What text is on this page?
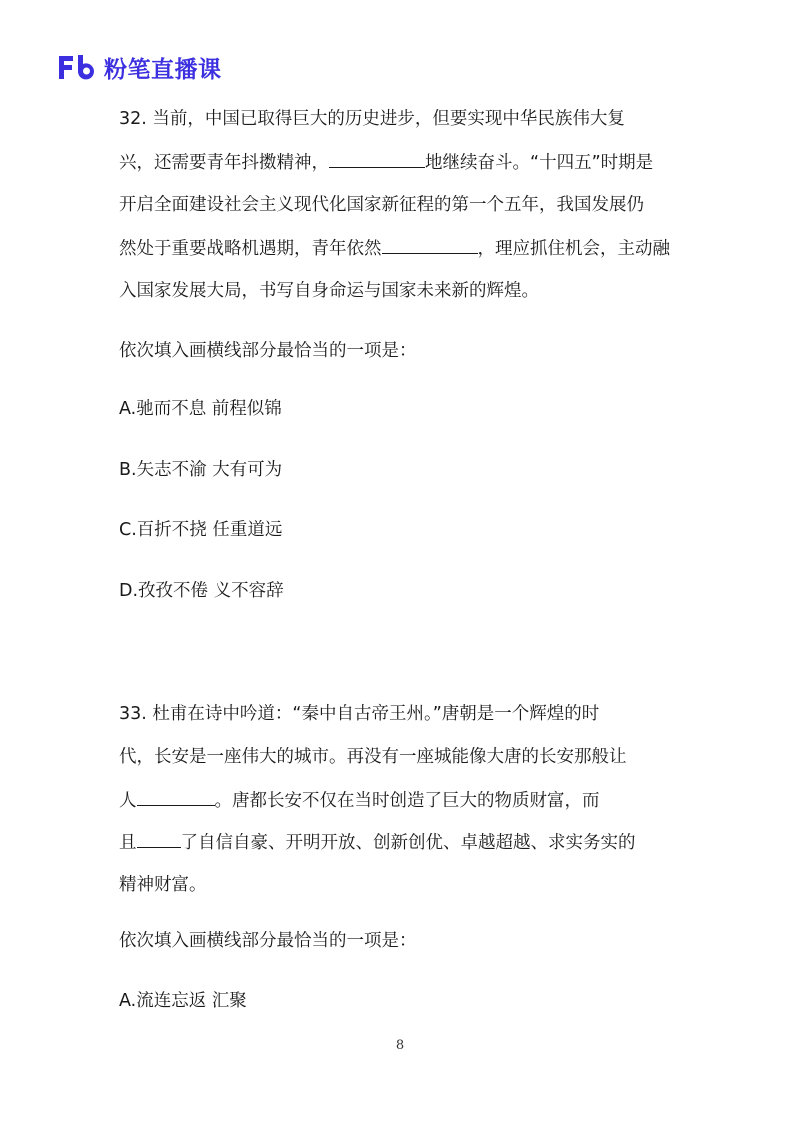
Fb
粉笔直播课
32. 当前，中国已取得巨大的历史进步，但要实现中华民族伟大复
兴，还需要青年抖擞精神，	地继续奋斗。“十四五”时期是
开启全面建设社会主义现代化国家新征程的第一个五年，我国发展仍
然处于重要战略机遇期，青年依然	，理应抓住机会，主动融
入国家发展大局，书写自身命运与国家未来新的辉煌。
依次填入画横线部分最恰当的一项是：
A.驰而不息 前程似锦
B.矢志不渝 大有可为
C.百折不挠 任重道远
D.孜孜不倦 义不容辞
33. 杜甫在诗中吟道：“秦中自古帝王州。”唐朝是一个辉煌的时
代，长安是一座伟大的城市。再没有一座城能像大唐的长安那般让
人	。唐都长安不仅在当时创造了巨大的物质财富，而
且	了自信自豪、开明开放、创新创优、卓越超越、求实务实的
精神财富。
依次填入画横线部分最恰当的一项是：
A.流连忘返 汇聚
8
